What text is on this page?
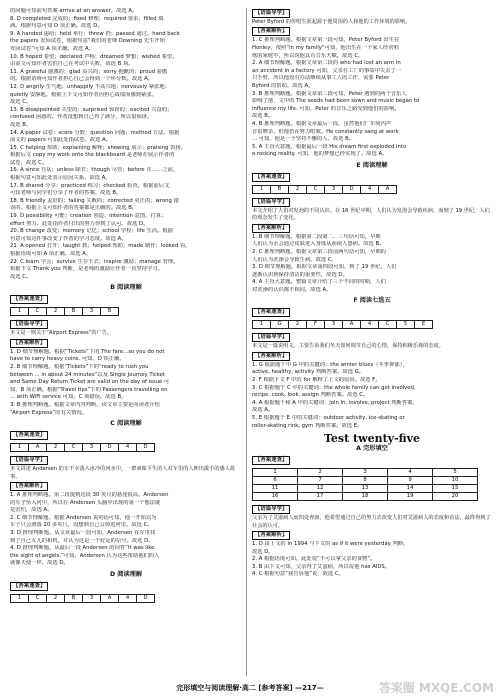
的问题可知前句答案 arrive at an answer。故选 A。
8. D completed 完成的；fixed 修理；required 要求；filled 填
满。根据句意可知 D 项正确。故选 D。
9. A handed 递给；held 举行；threw 扔；passed 通过。hand back
the papers 发回试卷，根据句意“我们的老师 Downing 先生开始
发回试卷”可知 A 项正确。故选 A。
10. B hoped 希望；declared 声称；dreamed 梦想；wished 希望。
由前文可知作者害怕自己在考试中失败，故选 B 项。
11. A grateful 感激的；glad 高兴的；sorry 抱歉的；proud 骄傲
的。根据语境可知作者担心自己会得到一个坏分数。故选 A。
12. D angrily 生气地；unhappily 不高兴地；nervously 紧张地；
quietly 安静地。根据上下文可知作者因担心成绩而感到紧张。
故选 C。
13. B disappointed 失望的；surprised 惊讶的；excited 兴奋的；
confused 困惑的。作者没想到自己得了满分，所以很惊讶。
故选 B。
14. A paper 试卷；score 分数；question 问题；method 方法。根据
前文的 papers 可知此处指试卷。故选 A。
15. C helping 帮助；explaining 解释；showing 展示；praising 表扬。
根据后文 copy my work onto the blackboard 是老师在展示作者的
试卷，故选 C。
16. A since 自从；unless 除非；though 尽管；before 在……之前。
根据句意可知此处表示原因关系。故选 A。
17. B shared 分享；practiced 练习；checked 检查。根据前后文
可知老师与同学们分享了作者的答案。故选 B。
18. B friendly 友好的；failing 失败的；corrected 更正的；wrong 错
误的。根据上文可知作者的答案都是正确的。故选 B。
19. D possibility 可能；creation 创造；intention 意图，打算；
effort 努力。此处指作者付出的努力得到了认可。故选 D。
20. B change 改变；memory 记忆；school 学校；life 生活。根据
句意可知这件事改变了作者的学习态度。故选 A。
21. A opened 打开；taught 教；helped 帮助；made 制作；looked 看。
根据语境可知 A 项正确。故选 A。
22. C learn 学会；survive 生存下去；inspire 激励；manage 管理。
根据下文 Thank you 判断，是老师的激励让作者一直坚持学习。
故选 C。
B 阅读理解
【答案速查】
1	C	2	B	3	B
【语篇导学】
本文是一则关于“Airport Express”的广告。
【答案解析】
1. D 细节理解题。根据“Tickets”下的 The fare…so you do not
have to carry heavy coins. 可知，D 项正确。
2. B 细节理解题。根据“Tickets”下的“ready to rush you
between ... in about 24 minutes”以及 Single Journey Ticket
and Same Day Return Ticket are valid on the day of issue 可
知，B 项正确。根据“Travel tips”下的 Passengers travelling on
... with WiFi service 可知，C 项错误。故选 B。
3. B 推理判断题。根据文章内容判断，该文章主要是向读者介绍
“Airport Express”的有关情况。
C 阅读理解
【答案速查】
1	A	2	C	3	D	4	D
【语篇导学】
本文讲述 Andersen 的车不幸落入冰冷的河水中，一群素昧平生的人对车里的人伸出援手的感人故事。
【答案解析】
1. A 推理判断题。第二段提到这段 30 英尺的悬崖很高，Andersen
的车子坠入河中，所以在 Andersen 头脑中出现的第一个想法就
是害怕，故选 A。
2. C 细节理解题。根据 Andersen 说的话可知，他一开始以为
车子只会滑落 20 多英尺，没想到自己会掉进河里。故选 C。
3. D 推理判断题。从文章最后一段可知，Andersen 在车里找
到了自己女儿的相机，并认为这是一个好运的信号。故选 D。
4. D 推理判断题。从最后一段 Andersen 的回答“It was like
the sight of angels.”可知，Andersen 认为这些帮助他们的人
就像天使一样。故选 D。
D 阅读理解
【答案速查】
1	C	2	B	3	A	4	D
【语篇导学】
Peter Byford 的传唱生涯起源于他周围的人和他的工作环境的影响。
【答案解析】
1. C 推理判断题。根据文章第一段可知，Peter Byford 出生在
Honley，按照“in my family”可知，他出生在一个家人经常唱
歌的家庭中，所以说他具有音乐天赋。故选 C。
2. A 细节理解题。根据文章第二段的 who had lost an arm in
an accident in a factory 可知，父亲在工厂的事故中失去了一
只手臂，所以他没有办法继续从事工人的工作，需要 Peter
Byford 的帮助。故选 A。
3. B 推理判断题。根据文章第三段可知，Peter 遇到的两个音乐人
影响了他，文中的 The seeds had been sown and music began to
influence my life. 可知，Peter 的音乐之路受到他们的影响。
故选 B。
4. B 推理判断题。根据文章最后一段，虽然他们厂车间内声
音很嘈杂，但他仍在努力唱歌。He constantly sang at work
... 可知，他是一个坚持不懈的人。故选 B。
5. A 主旨大意题。根据最后一段 His dream first exploded into
a rocking reality. 可知，他的梦想已经实现了。故选 A。
E 阅读理解
【答案速查】
1	B	2	C	3	D	4	A
【语篇导学】
本文介绍了人们对发泡的不同认识。在 16 世纪中期，人们认为发泡会导致疾病，而到了 19 世纪，人们的观念发生了变化。
【答案解析】
1. B 细节理解题。根据第二段第二、三句话可知，早期
人们认为水会通过皮肤进入身体从而使人患病。故选 B。
2. C 推理判断题。根据文章第三段前两句话可知，早期的
人们认为洗澡会导致生病。故选 C。
3. D 细节理解题。根据文章第四段可知，到了 19 世纪，人们
逐渐认识到保持清洁的重要性，故选 D。
4. A 主旨大意题。整篇文章介绍了三个不同的时期，人们
对洗澡的认识都不相同。故选 A。
F 阅读七选五
【答案速查】
1	G	2	F	3	A	4	C	5	E
【语篇导学】
本文是一篇说明文，主要告诉我们冬天如何调节自己的心情，保持积极乐观的态度。
【答案解析】
1. G 根据题干中 G 中的关键词：the winter blues（冬季抑郁），
active, healthy, activity 判断答案。故选 G。
2. F 根据下文 F 中的 for 解释了上文的原因。故选 F。
3. C 根据题干 C 中的关键词：the whole family can get involved，
recipe, cook, look, assign 判断答案。故选 C。
4. A 根据题干和 A 中的关键词：join in, involve, project 判断答案。
故选 A。
5. E 根据题干 E 中的关键词：outdoor activity, ice-skating or
roller-skating rink, gym 判断答案。故选 E。
Test twenty-five
A 完形填空
【答案速查】
1	2	3	4	5
6	7	8	9	10
11	12	13	14	15
16	17	18	19	20
【语篇导学】
父亲为了艾滋病人而四处奔波，他希望通过自己的努力去改变人们对艾滋病人的态度和看法，最终得到了社会的认可。
【答案解析】
1. D 由上文的 In 1994 与下文的 as if it were yesterday 判断，
故选 D。
2. A 根据语境可知，此处说“不可以拿父亲的食物”。
3. B 由下文可知，父亲得了艾滋病，所以说他 has AIDS。
4. C 根据句意“我告诉他”说，故选 C。
完形填空与阅读理解·高二 [参考答案] —217—	答案圈 MXQE.COM
